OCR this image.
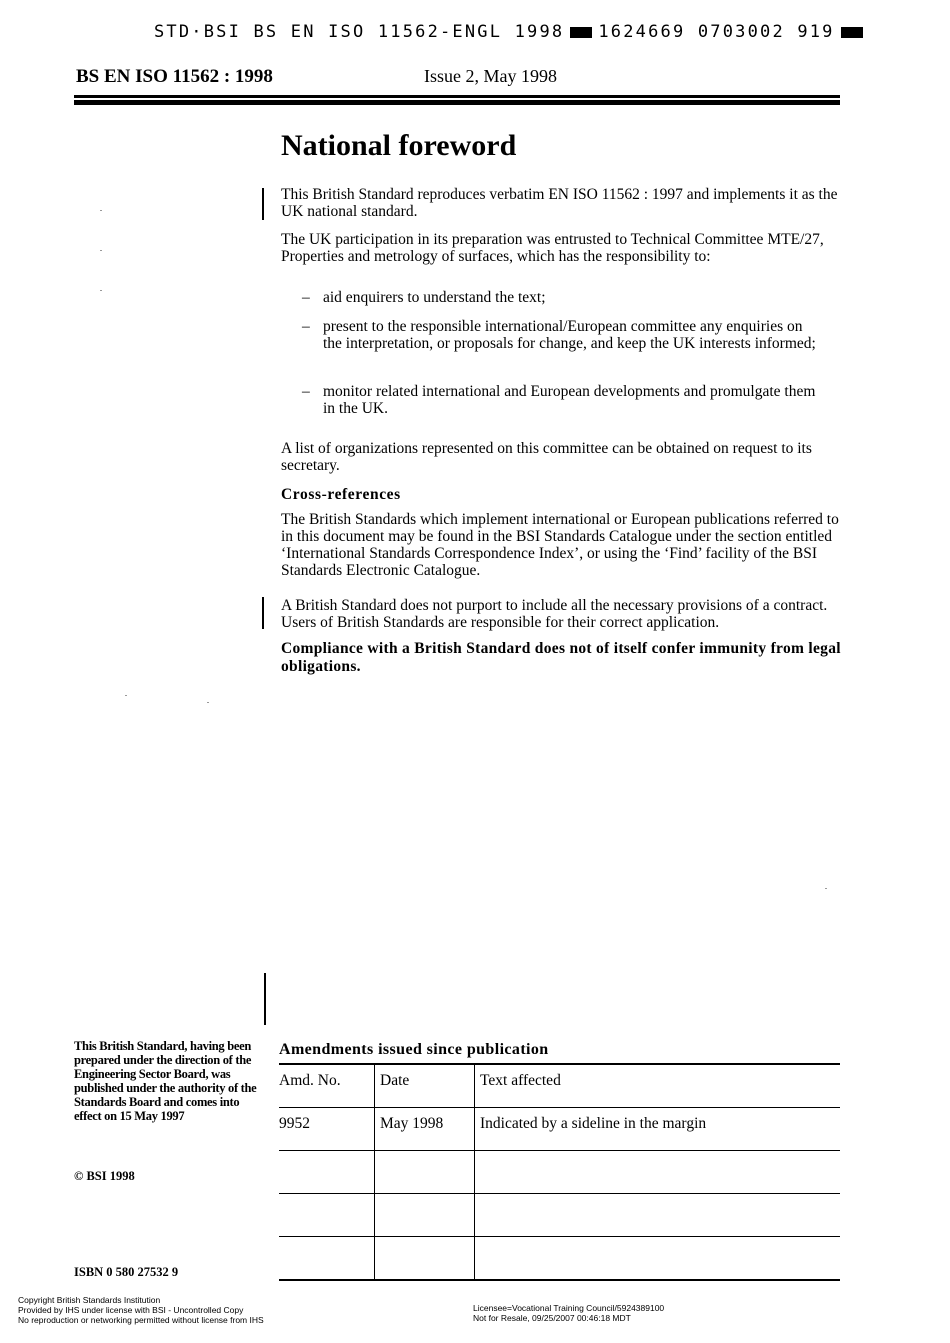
STD·BSI BS EN ISO 11562-ENGL 1998 1624669 0703002 919
BS EN ISO 11562 : 1998	Issue 2, May 1998
National foreword
This British Standard reproduces verbatim EN ISO 11562 : 1997 and implements it as the UK national standard.
The UK participation in its preparation was entrusted to Technical Committee MTE/27, Properties and metrology of surfaces, which has the responsibility to:
– aid enquirers to understand the text;
– present to the responsible international/European committee any enquiries on the interpretation, or proposals for change, and keep the UK interests informed;
– monitor related international and European developments and promulgate them in the UK.
A list of organizations represented on this committee can be obtained on request to its secretary.
Cross-references
The British Standards which implement international or European publications referred to in this document may be found in the BSI Standards Catalogue under the section entitled ‘International Standards Correspondence Index’, or using the ‘Find’ facility of the BSI Standards Electronic Catalogue.
A British Standard does not purport to include all the necessary provisions of a contract. Users of British Standards are responsible for their correct application.
Compliance with a British Standard does not of itself confer immunity from legal obligations.
This British Standard, having been prepared under the direction of the Engineering Sector Board, was published under the authority of the Standards Board and comes into effect on 15 May 1997
© BSI 1998
ISBN 0 580 27532 9
Amendments issued since publication
Amd. No.	Date	Text affected
9952	May 1998	Indicated by a sideline in the margin

Copyright British Standards Institution
Provided by IHS under license with BSI - Uncontrolled Copy
No reproduction or networking permitted without license from IHS
Licensee=Vocational Training Council/5924389100
Not for Resale, 09/25/2007 00:46:18 MDT
